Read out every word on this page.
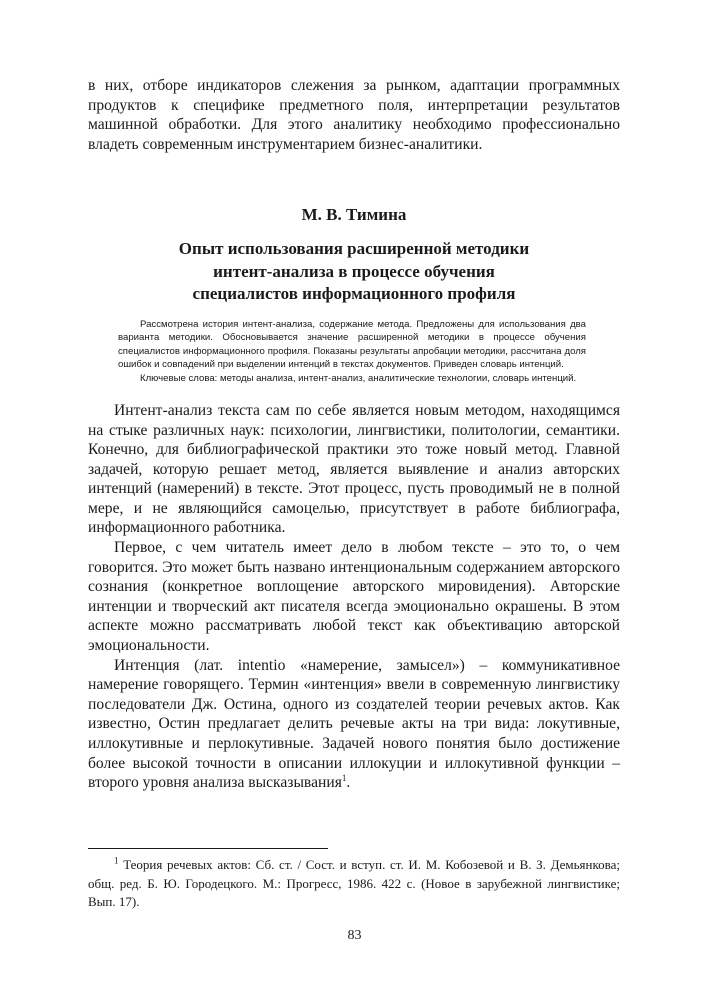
в них, отборе индикаторов слежения за рынком, адаптации программных продуктов к специфике предметного поля, интерпретации результатов машинной обработки. Для этого аналитику необходимо профессионально владеть современным инструментарием бизнес-аналитики.

М. В. Тимина
Опыт использования расширенной методики
интент-анализа в процессе обучения
специалистов информационного профиля

Рассмотрена история интент-анализа, содержание метода. Предложены для использования два варианта методики. Обосновывается значение расширенной методики в процессе обучения специалистов информационного профиля. Показаны результаты апробации методики, рассчитана доля ошибок и совпадений при выделении интенций в текстах документов. Приведен словарь интенций.

Ключевые слова: методы анализа, интент-анализ, аналитические технологии, словарь интенций.

Интент-анализ текста сам по себе является новым методом, находящимся на стыке различных наук: психологии, лингвистики, политологии, семантики. Конечно, для библиографической практики это тоже новый метод. Главной задачей, которую решает метод, является выявление и анализ авторских интенций (намерений) в тексте. Этот процесс, пусть проводимый не в полной мере, и не являющийся самоцелью, присутствует в работе библиографа, информационного работника.

Первое, с чем читатель имеет дело в любом тексте – это то, о чем говорится. Это может быть названо интенциональным содержанием авторского сознания (конкретное воплощение авторского мировидения). Авторские интенции и творческий акт писателя всегда эмоционально окрашены. В этом аспекте можно рассматривать любой текст как объективацию авторской эмоциональности.

Интенция (лат. intentio «намерение, замысел») – коммуникативное намерение говорящего. Термин «интенция» ввели в современную лингвистику последователи Дж. Остина, одного из создателей теории речевых актов. Как известно, Остин предлагает делить речевые акты на три вида: локутивные, иллокутивные и перлокутивные. Задачей нового понятия было достижение более высокой точности в описании иллокуции и иллокутивной функции – второго уровня анализа высказывания$^1$.

$^1$ Теория речевых актов: Сб. ст. / Сост. и вступ. ст. И. М. Кобозевой и В. З. Демьянкова; общ. ред. Б. Ю. Городецкого. М.: Прогресс, 1986. 422 с. (Новое в зарубежной лингвистике; Вып. 17).

83
